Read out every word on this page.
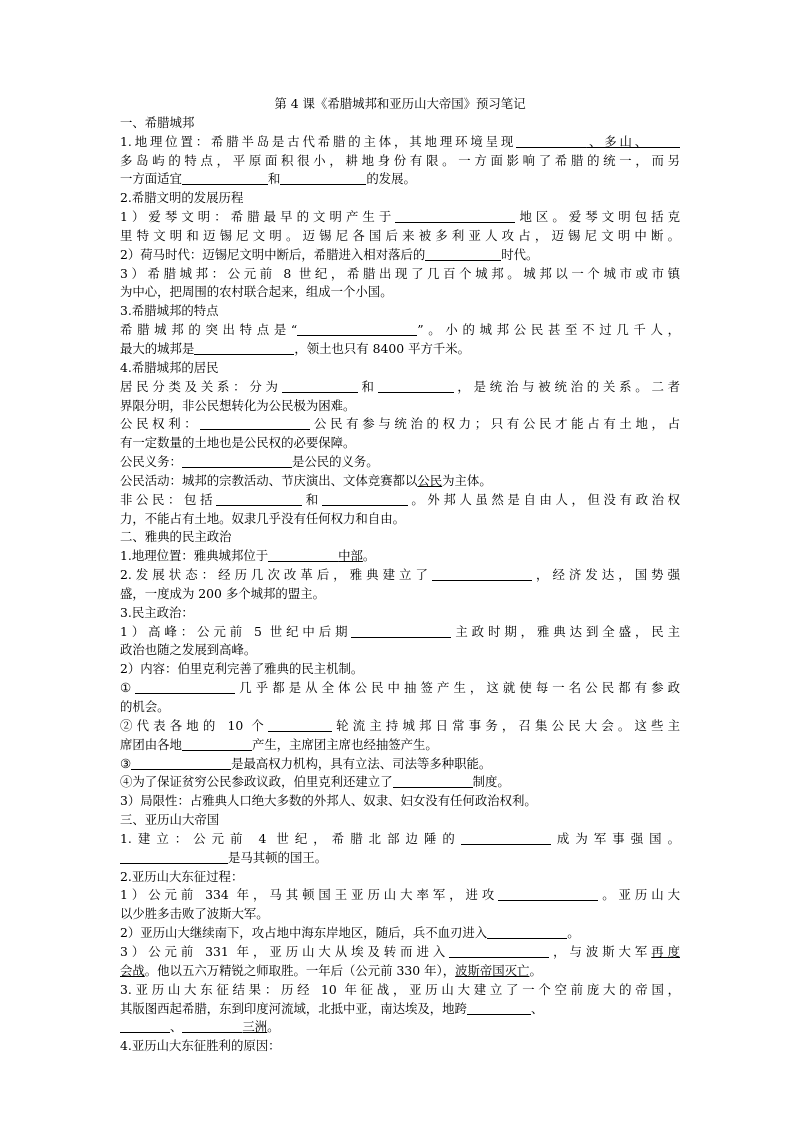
第 4 课《希腊城邦和亚历山大帝国》预习笔记

一、希腊城邦

1.地理位置：希腊半岛是古代希腊的主体，其地理环境呈现	、多山、

多岛屿的特点，平原面积很小，耕地身份有限。一方面影响了希腊的统一，而另

一方面适宜	和	的发展。

2.希腊文明的发展历程

1）爱琴文明：希腊最早的文明产生于	地区。爱琴文明包括克

里特文明和迈锡尼文明。迈锡尼各国后来被多利亚人攻占，迈锡尼文明中断。

2）荷马时代：迈锡尼文明中断后，希腊进入相对落后的	时代。

3）希腊城邦：公元前 8 世纪，希腊出现了几百个城邦。城邦以一个城市或市镇

为中心，把周围的农村联合起来，组成一个小国。

3.希腊城邦的特点

希腊城邦的突出特点是“	”。小的城邦公民甚至不过几千人，

最大的城邦是	，领土也只有 8400 平方千米。

4.希腊城邦的居民

居民分类及关系：分为	和	，是统治与被统治的关系。二者

界限分明，非公民想转化为公民极为困难。

公民权利：	公民有参与统治的权力；只有公民才能占有土地，占

有一定数量的土地也是公民权的必要保障。

公民义务：	是公民的义务。

公民活动：城邦的宗教活动、节庆演出、文体竞赛都以公民为主体。

非公民：包括	和	。外邦人虽然是自由人，但没有政治权

力，不能占有土地。奴隶几乎没有任何权力和自由。

二、雅典的民主政治

1.地理位置：雅典城邦位于	中部。

2.发展状态：经历几次改革后，雅典建立了	，经济发达，国势强

盛，一度成为 200 多个城邦的盟主。

3.民主政治：

1）高峰：公元前 5 世纪中后期	主政时期，雅典达到全盛，民主

政治也随之发展到高峰。

2）内容：伯里克利完善了雅典的民主机制。

①	几乎都是从全体公民中抽签产生，这就使每一名公民都有参政

的机会。

②代表各地的 10 个	轮流主持城邦日常事务，召集公民大会。这些主

席团由各地	产生，主席团主席也经抽签产生。

③	是最高权力机构，具有立法、司法等多种职能。

④为了保证贫穷公民参政议政，伯里克利还建立了	制度。

3）局限性：占雅典人口绝大多数的外邦人、奴隶、妇女没有任何政治权利。

三、亚历山大帝国

1.建立：公元前 4 世纪，希腊北部边陲的	成为军事强国。

是马其顿的国王。

2.亚历山大东征过程：

1）公元前 334 年，马其顿国王亚历山大率军，进攻	。亚历山大

以少胜多击败了波斯大军。

2）亚历山大继续南下，攻占地中海东岸地区，随后，兵不血刃进入	。

3）公元前 331 年，亚历山大从埃及转而进入	，与波斯大军再度

会战。他以五六万精锐之师取胜。一年后（公元前 330 年），波斯帝国灭亡。

3.亚历山大东征结果：历经 10 年征战，亚历山大建立了一个空前庞大的帝国，

其版图西起希腊，东到印度河流域，北抵中亚，南达埃及，地跨	、

、	三洲。

4.亚历山大东征胜利的原因：
